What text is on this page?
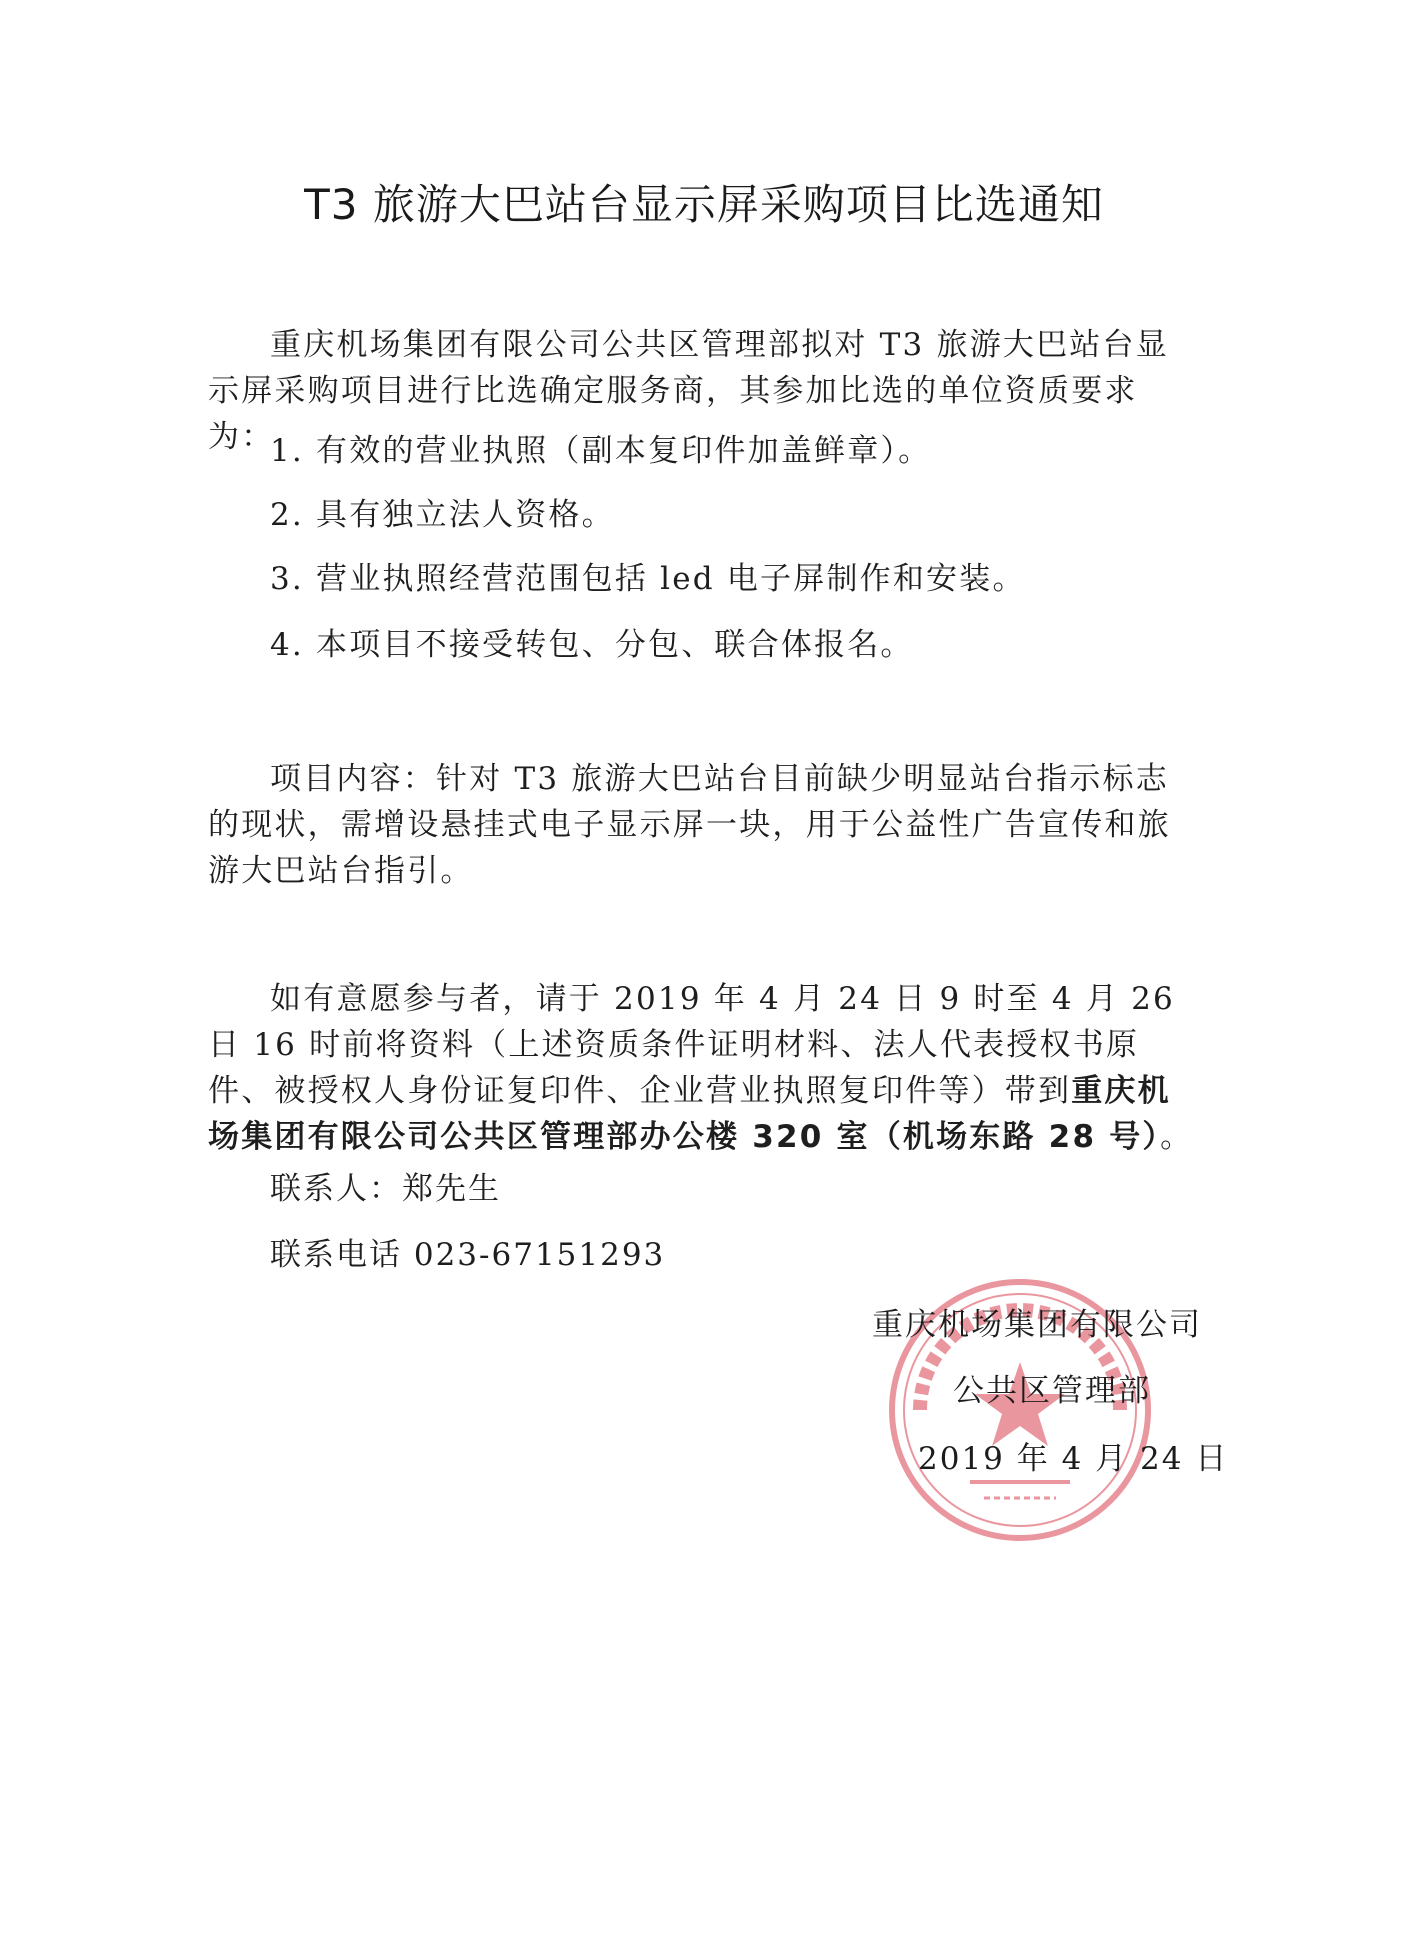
T3 旅游大巴站台显示屏采购项目比选通知

重庆机场集团有限公司公共区管理部拟对 T3 旅游大巴站台显示屏采购项目进行比选确定服务商，其参加比选的单位资质要求为：

1. 有效的营业执照（副本复印件加盖鲜章）。

2. 具有独立法人资格。

3. 营业执照经营范围包括 led 电子屏制作和安装。

4. 本项目不接受转包、分包、联合体报名。

项目内容：针对 T3 旅游大巴站台目前缺少明显站台指示标志的现状，需增设悬挂式电子显示屏一块，用于公益性广告宣传和旅游大巴站台指引。

如有意愿参与者，请于 2019 年 4 月 24 日 9 时至 4 月 26 日 16 时前将资料（上述资质条件证明材料、法人代表授权书原件、被授权人身份证复印件、企业营业执照复印件等）带到重庆机场集团有限公司公共区管理部办公楼 320 室（机场东路 28 号）。

联系人：郑先生

联系电话 023-67151293

重庆机场集团有限公司

公共区管理部

2019 年 4 月 24 日
